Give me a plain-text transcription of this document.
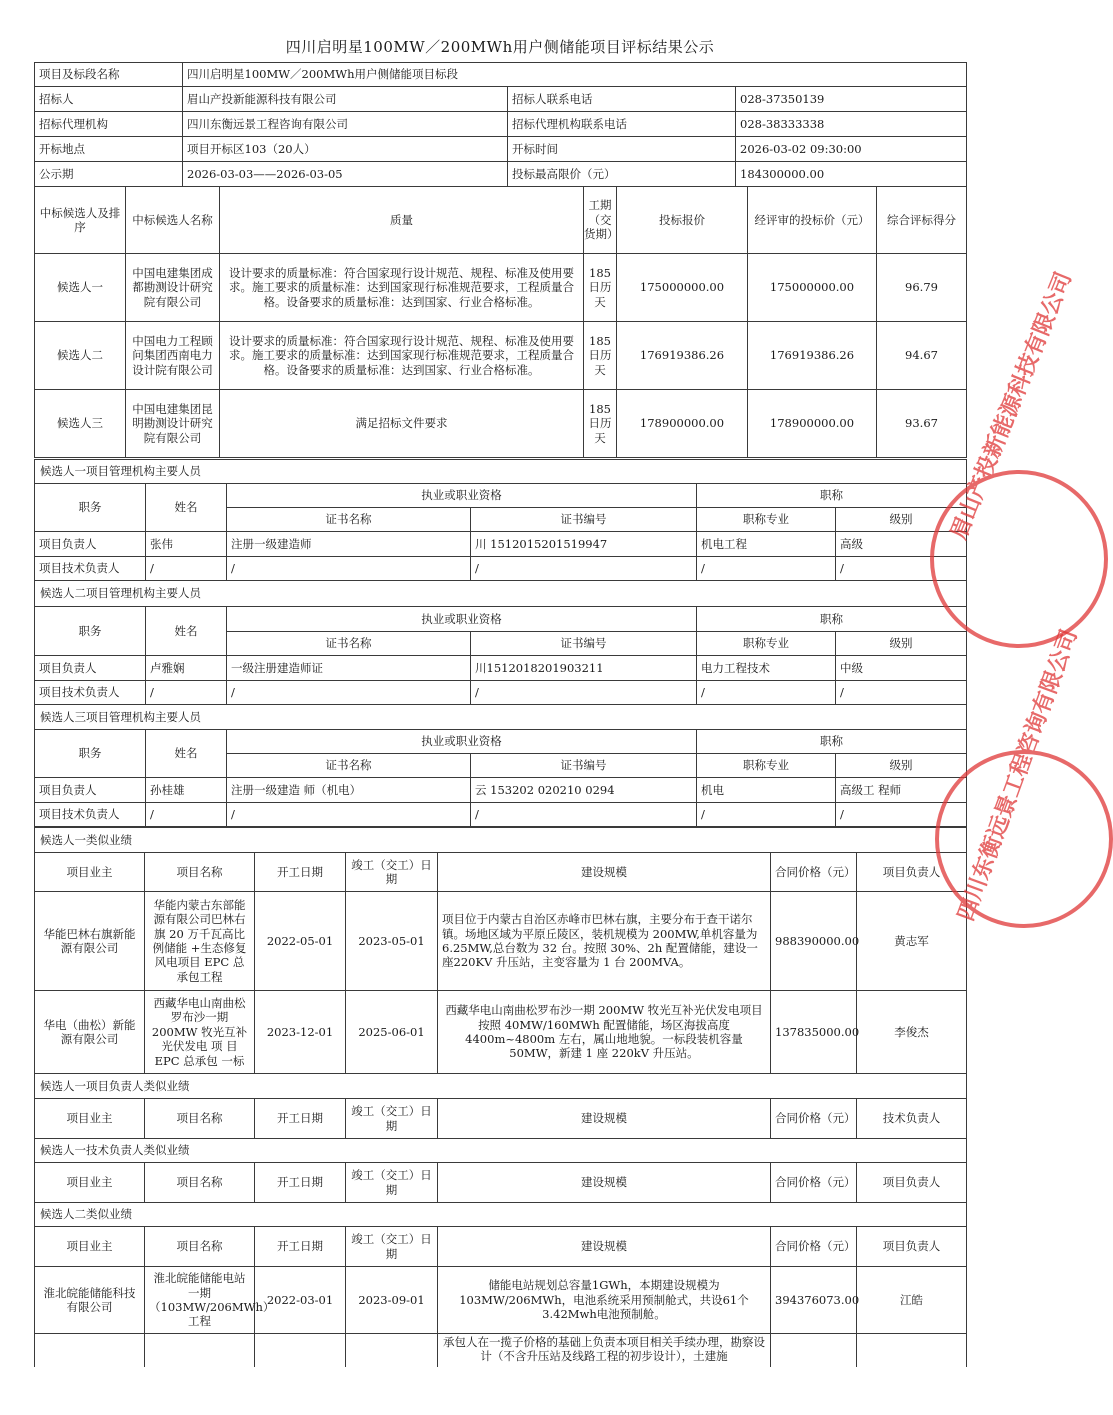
四川启明星100MW／200MWh用户侧储能项目评标结果公示
项目及标段名称	四川启明星100MW／200MWh用户侧储能项目标段		
招标人	眉山产投新能源科技有限公司	招标人联系电话	028-37350139
招标代理机构	四川东衡远景工程咨询有限公司	招标代理机构联系电话	028-38333338
开标地点	项目开标区103（20人）	开标时间	2026-03-02 09:30:00
公示期	2026-03-03——2026-03-05	投标最高限价（元）	184300000.00
中标候选人及排序	中标候选人名称	质量	工期（交货期）	投标报价	经评审的投标价（元）	综合评标得分
候选人一	中国电建集团成都勘测设计研究院有限公司	设计要求的质量标准：符合国家现行设计规范、规程、标准及使用要求。施工要求的质量标准：达到国家现行标准规范要求，工程质量合格。设备要求的质量标准：达到国家、行业合格标准。	185日历天	175000000.00	175000000.00	96.79
候选人二	中国电力工程顾问集团西南电力设计院有限公司	设计要求的质量标准：符合国家现行设计规范、规程、标准及使用要求。施工要求的质量标准：达到国家现行标准规范要求，工程质量合格。设备要求的质量标准：达到国家、行业合格标准。	185日历天	176919386.26	176919386.26	94.67
候选人三	中国电建集团昆明勘测设计研究院有限公司	满足招标文件要求	185日历天	178900000.00	178900000.00	93.67
候选人一项目管理机构主要人员					
职务	姓名	执业或职业资格		职称	
		证书名称	证书编号	职称专业	级别
项目负责人	张伟	注册一级建造师	川 1512015201519947	机电工程	高级
项目技术负责人	/	/	/	/	/
候选人二项目管理机构主要人员					
职务	姓名	执业或职业资格		职称	
		证书名称	证书编号	职称专业	级别
项目负责人	卢雅娴	一级注册建造师证	川1512018201903211	电力工程技术	中级
项目技术负责人	/	/	/	/	/
候选人三项目管理机构主要人员					
职务	姓名	执业或职业资格		职称	
		证书名称	证书编号	职称专业	级别
项目负责人	孙桂雄	注册一级建造 师（机电）	云 153202 020210 0294	机电	高级工 程师
项目技术负责人	/	/	/	/	/
候选人一类似业绩						
项目业主	项目名称	开工日期	竣工（交工）日期	建设规模	合同价格（元）	项目负责人
华能巴林右旗新能源有限公司	华能内蒙古东部能源有限公司巴林右旗 20 万千瓦高比例储能 +生态修复风电项目 EPC 总承包工程	2022-05-01	2023-05-01	项目位于内蒙古自治区赤峰市巴林右旗，主要分布于查干诺尔镇。场地区域为平原丘陵区，装机规模为 200MW,单机容量为6.25MW,总台数为 32 台。按照 30%、2h 配置储能，建设一座220KV 升压站，主变容量为 1 台 200MVA。	988390000.00	黄志军
华电（曲松）新能源有限公司	西藏华电山南曲松罗布沙一期 200MW 牧光互补光伏发电 项 目 EPC 总承包 一标	2023-12-01	2025-06-01	西藏华电山南曲松罗布沙一期 200MW 牧光互补光伏发电项目按照 40MW/160MWh 配置储能，场区海拔高度4400m~4800m 左右，属山地地貌。一标段装机容量50MW，新建 1 座 220kV 升压站。	137835000.00	李俊杰
候选人一项目负责人类似业绩						
项目业主	项目名称	开工日期	竣工（交工）日期	建设规模	合同价格（元）	技术负责人
候选人一技术负责人类似业绩						
项目业主	项目名称	开工日期	竣工（交工）日期	建设规模	合同价格（元）	项目负责人
候选人二类似业绩						
项目业主	项目名称	开工日期	竣工（交工）日期	建设规模	合同价格（元）	项目负责人
淮北皖能储能科技有限公司	淮北皖能储能电站一期（103MW/206MWh）工程	2022-03-01	2023-09-01	储能电站规划总容量1GWh，本期建设规模为103MW/206MWh，电池系统采用预制舱式，共设61个3.42Mwh电池预制舱。	394376073.00	江皓
				承包人在一揽子价格的基础上负责本项目相关手续办理，勘察设计（不含升压站及线路工程的初步设计），土建施		
眉山产投新能源科技有限公司
四川东衡远景工程咨询有限公司
